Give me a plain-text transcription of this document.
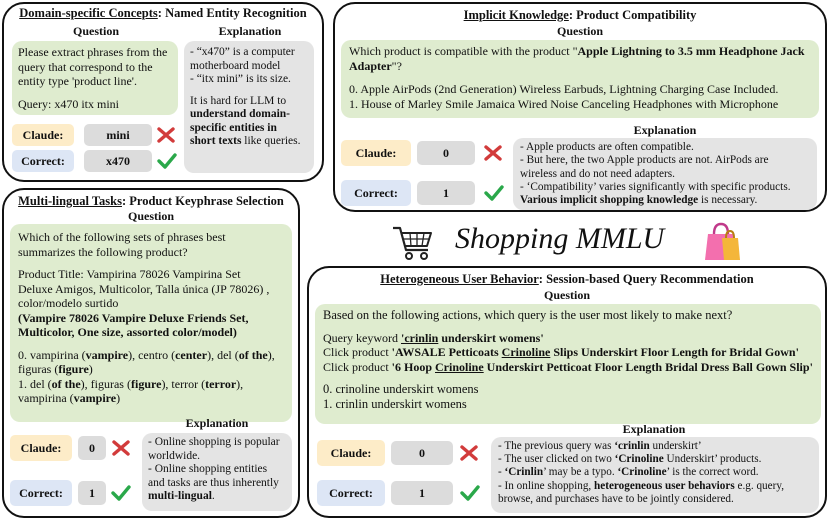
Domain-specific Concepts: Named Entity Recognition
Question	Explanation
Please extract phrases from the
query that correspond to the
entity type 'product line'.
Query: x470 itx mini
- “x470” is a computer
motherboard model
- “itx mini” is its size.
It is hard for LLM to
understand domain-
specific entities in
short texts like queries.
Claude:	mini
Correct:	x470
Implicit Knowledge: Product Compatibility
Question
Which product is compatible with the product "Apple Lightning to 3.5 mm Headphone Jack
Adapter"?
0. Apple AirPods (2nd Generation) Wireless Earbuds, Lightning Charging Case Included.
1. House of Marley Smile Jamaica Wired Noise Canceling Headphones with Microphone
Explanation
- Apple products are often compatible.
- But here, the two Apple products are not. AirPods are
wireless and do not need adapters.
- ‘Compatibility’ varies significantly with specific products.
Various implicit shopping knowledge is necessary.
Claude:	0
Correct:	1
Shopping MMLU
Multi-lingual Tasks: Product Keyphrase Selection
Question
Which of the following sets of phrases best
summarizes the following product?
Product Title: Vampirina 78026 Vampirina Set
Deluxe Amigos, Multicolor, Talla única (JP 78026) ,
color/modelo surtido
(Vampire 78026 Vampire Deluxe Friends Set,
Multicolor, One size, assorted color/model)
0. vampirina (vampire), centro (center), del (of the),
figuras (figure)
1. del (of the), figuras (figure), terror (terror),
vampirina (vampire)
Explanation
- Online shopping is popular
worldwide.
- Online shopping entities
and tasks are thus inherently
multi-lingual.
Claude:	0
Correct:	1
Heterogeneous User Behavior: Session-based Query Recommendation
Question
Based on the following actions, which query is the user most likely to make next?
Query keyword 'crinlin underskirt womens'
Click product 'AWSALE Petticoats Crinoline Slips Underskirt Floor Length for Bridal Gown'
Click product '6 Hoop Crinoline Underskirt Petticoat Floor Length Bridal Dress Ball Gown Slip'
0. crinoline underskirt womens
1. crinlin underskirt womens
Explanation
- The previous query was ‘crinlin underskirt’
- The user clicked on two ‘Crinoline Underskirt’ products.
- ‘Crinlin’ may be a typo. ‘Crinoline’ is the correct word.
- In online shopping, heterogeneous user behaviors e.g. query,
browse, and purchases have to be jointly considered.
Claude:	0
Correct:	1
